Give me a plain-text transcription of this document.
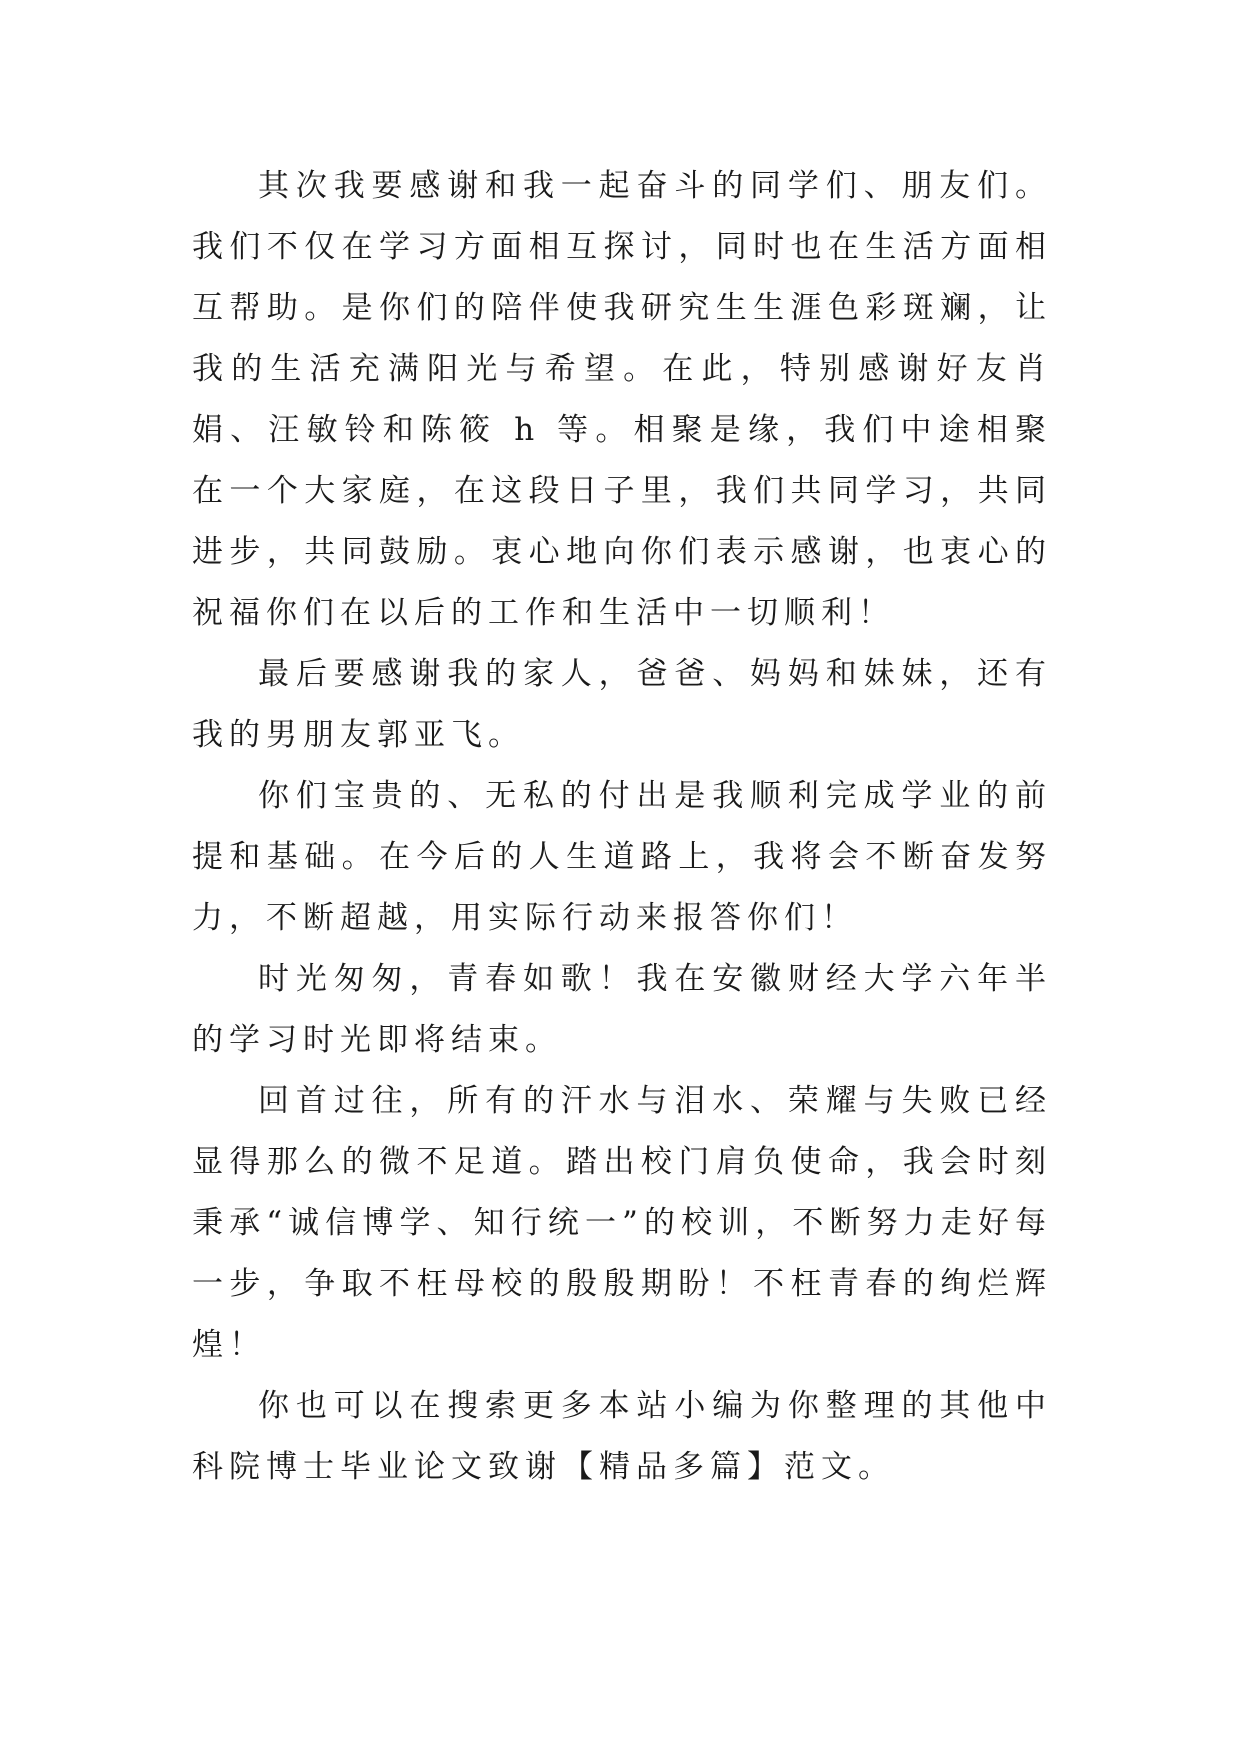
其次我要感谢和我一起奋斗的同学们、朋友们。我们不仅在学习方面相互探讨，同时也在生活方面相互帮助。是你们的陪伴使我研究生生涯色彩斑斓，让我的生活充满阳光与希望。在此，特别感谢好友肖娟、汪敏铃和陈筱 h 等。相聚是缘，我们中途相聚在一个大家庭，在这段日子里，我们共同学习，共同进步，共同鼓励。衷心地向你们表示感谢，也衷心的祝福你们在以后的工作和生活中一切顺利！

最后要感谢我的家人，爸爸、妈妈和妹妹，还有我的男朋友郭亚飞。

你们宝贵的、无私的付出是我顺利完成学业的前提和基础。在今后的人生道路上，我将会不断奋发努力，不断超越，用实际行动来报答你们！

时光匆匆，青春如歌！我在安徽财经大学六年半的学习时光即将结束。

回首过往，所有的汗水与泪水、荣耀与失败已经显得那么的微不足道。踏出校门肩负使命，我会时刻秉承“诚信博学、知行统一”的校训，不断努力走好每一步，争取不枉母校的殷殷期盼！不枉青春的绚烂辉煌！

你也可以在搜索更多本站小编为你整理的其他中科院博士毕业论文致谢【精品多篇】范文。
